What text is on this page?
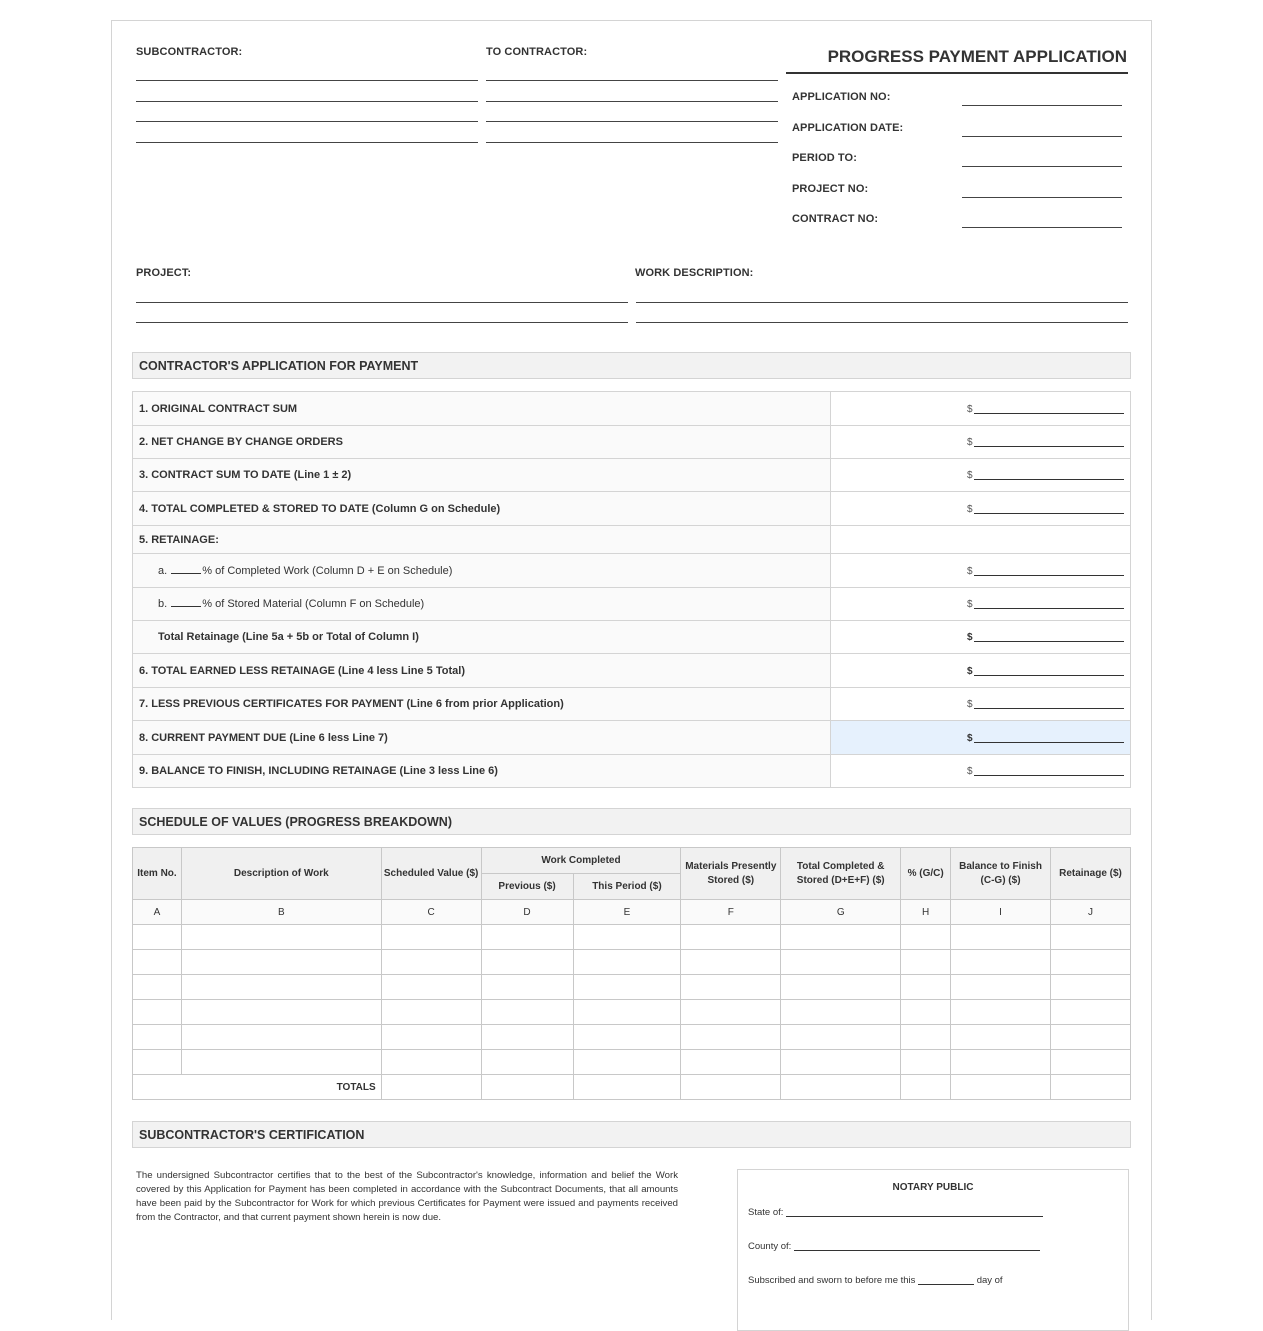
SUBCONTRACTOR:	TO CONTRACTOR:	PROGRESS PAYMENT APPLICATION
APPLICATION NO:
APPLICATION DATE:
PERIOD TO:
PROJECT NO:
CONTRACT NO:
PROJECT:	WORK DESCRIPTION:
CONTRACTOR'S APPLICATION FOR PAYMENT
1. ORIGINAL CONTRACT SUM	$

2. NET CHANGE BY CHANGE ORDERS	$

3. CONTRACT SUM TO DATE (Line 1 ± 2)	$

4. TOTAL COMPLETED & STORED TO DATE (Column G on Schedule)	$

5. RETAINAGE:	
a. % of Completed Work (Column D + E on Schedule)	$

b. % of Stored Material (Column F on Schedule)	$

Total Retainage (Line 5a + 5b or Total of Column I)	$

6. TOTAL EARNED LESS RETAINAGE (Line 4 less Line 5 Total)	$

7. LESS PREVIOUS CERTIFICATES FOR PAYMENT (Line 6 from prior Application)	$

8. CURRENT PAYMENT DUE (Line 6 less Line 7)	$

9. BALANCE TO FINISH, INCLUDING RETAINAGE (Line 3 less Line 6)	$
SCHEDULE OF VALUES (PROGRESS BREAKDOWN)
Item No.	Description of Work	Scheduled Value ($)	Work Completed		Materials Presently Stored ($)	Total Completed & Stored (D+E+F) ($)	% (G/C)	Balance to Finish (C-G) ($)	Retainage ($)
			Previous ($)	This Period ($)					
A	B	C	D	E	F	G	H	I	J

TOTALS									
SUBCONTRACTOR'S CERTIFICATION
The undersigned Subcontractor certifies that to the best of the Subcontractor's knowledge, information and belief the Work covered by this Application for Payment has been completed in accordance with the Subcontract Documents, that all amounts have been paid by the Subcontractor for Work for which previous Certificates for Payment were issued and payments received from the Contractor, and that current payment shown herein is now due.
NOTARY PUBLIC
State of:
County of:
Subscribed and sworn to before me this	day of
